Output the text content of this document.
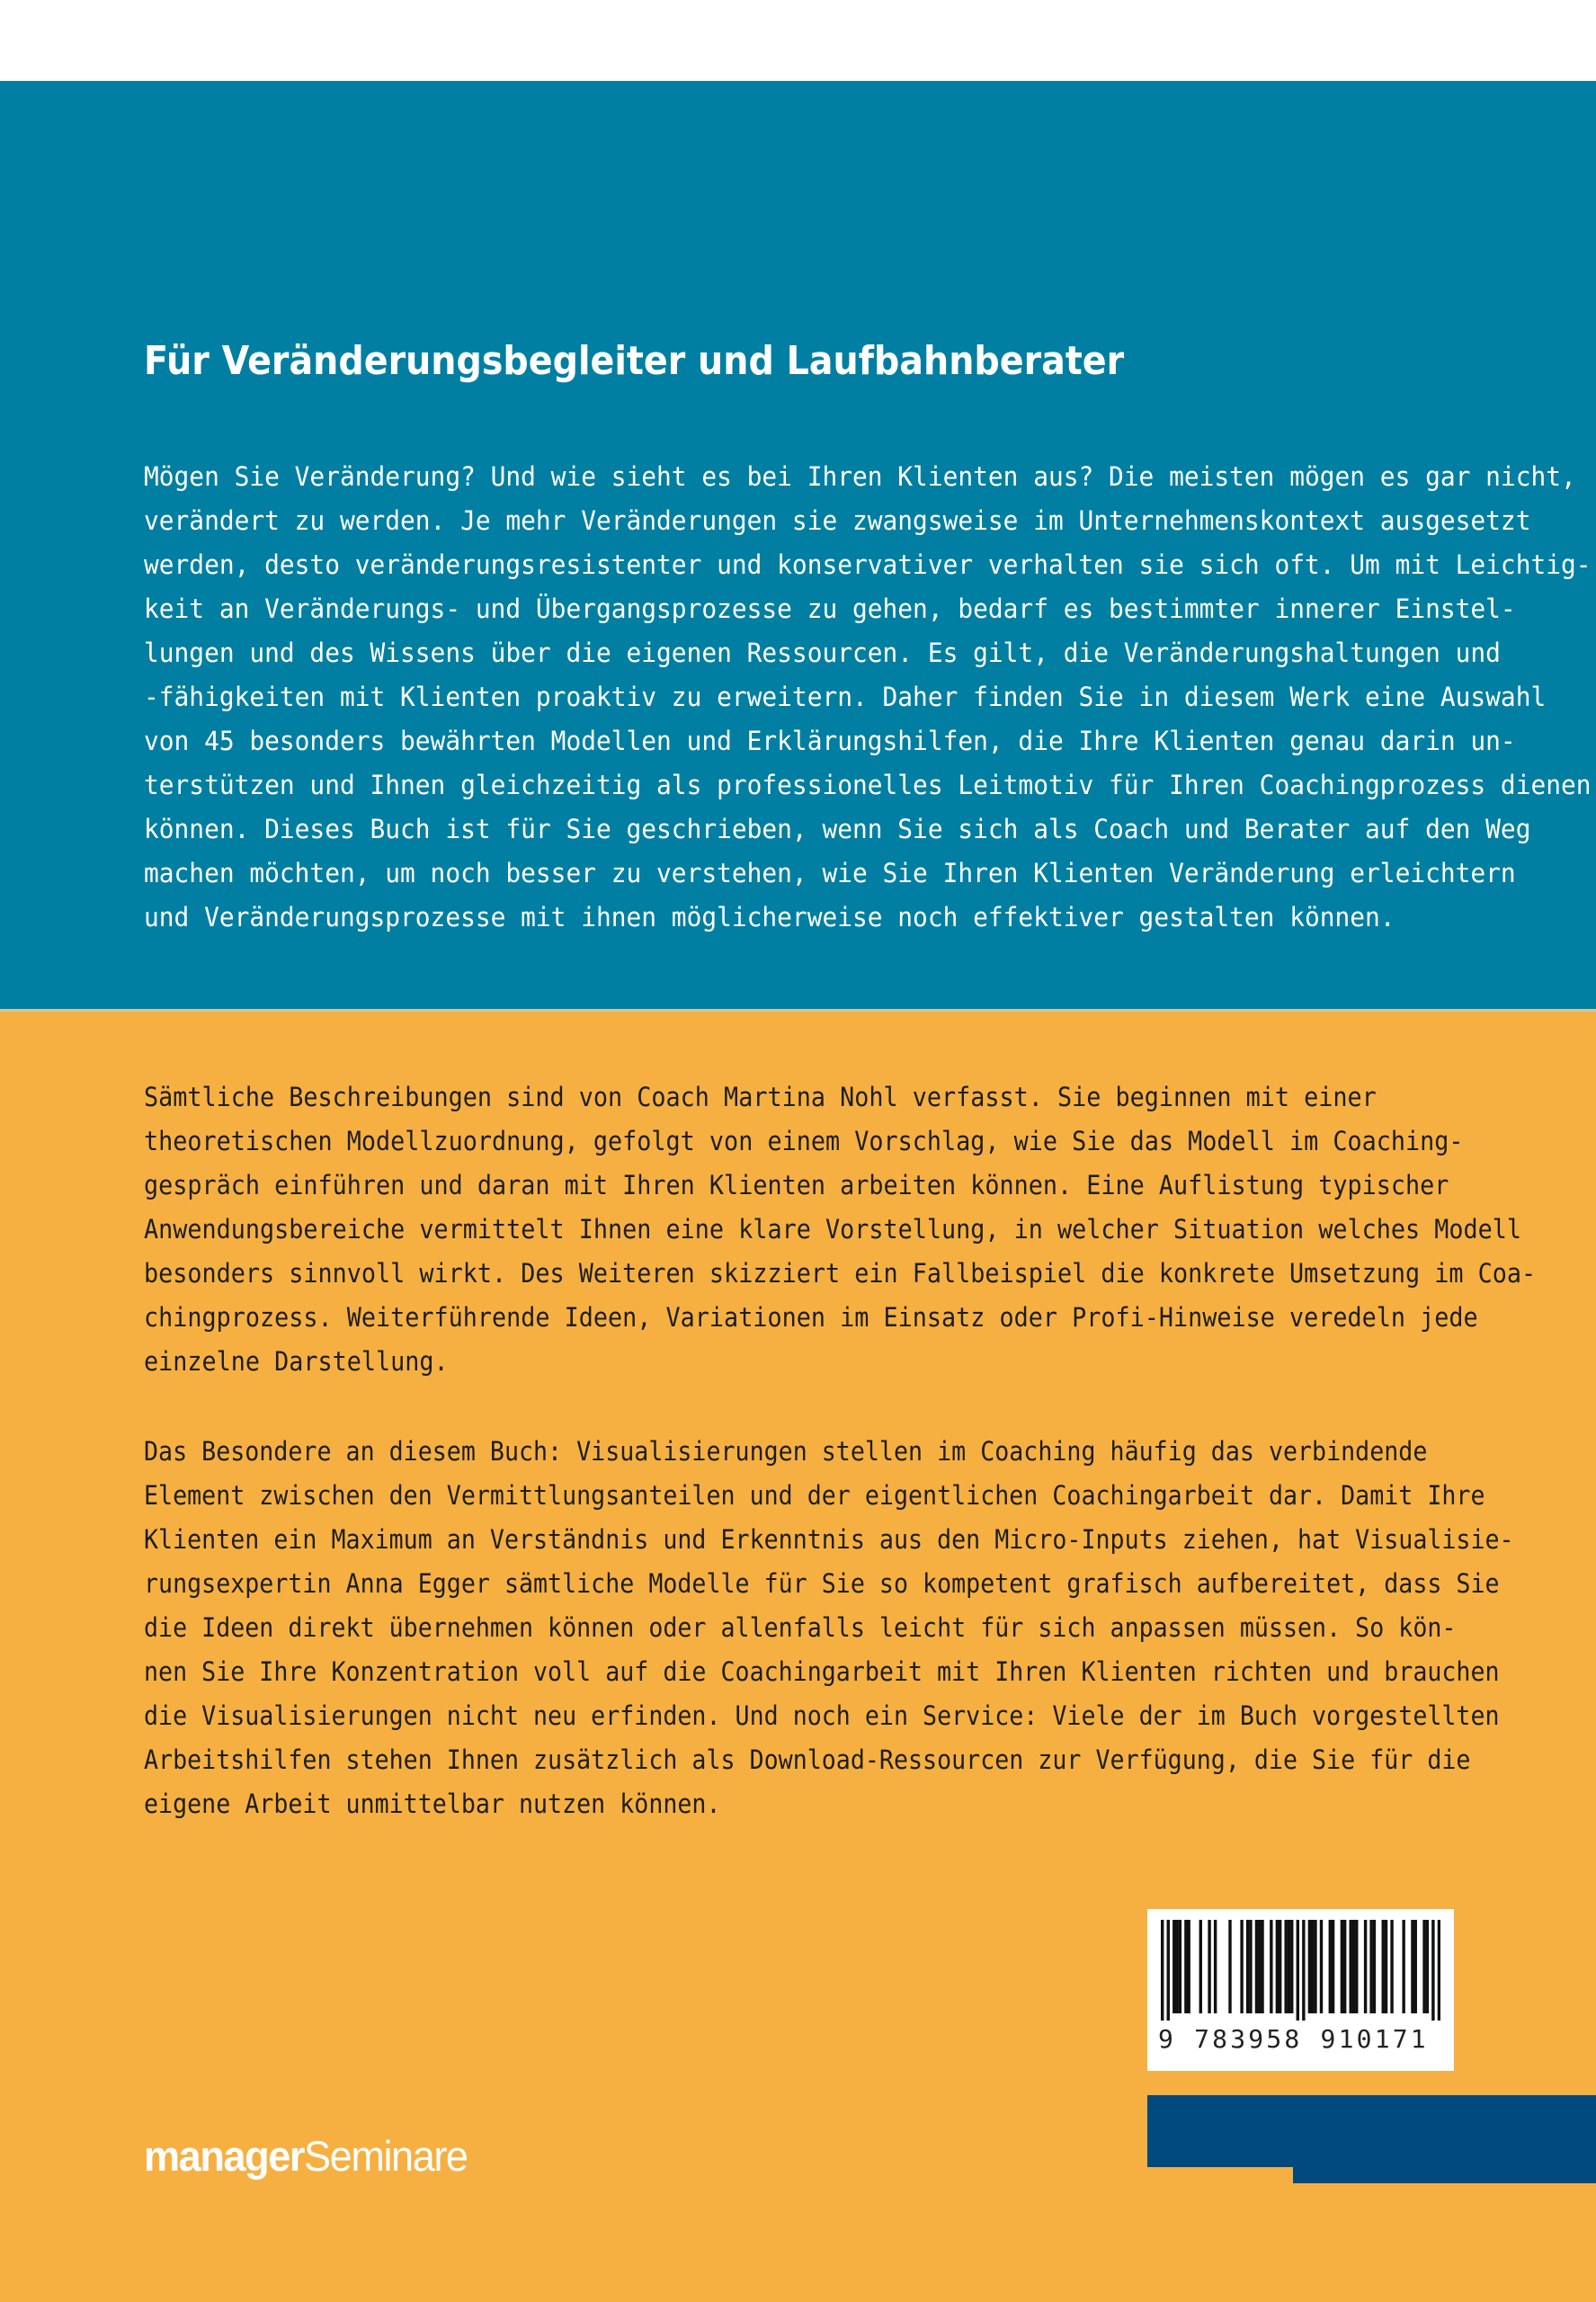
Für Veränderungsbegleiter und Laufbahnberater
Mögen Sie Veränderung? Und wie sieht es bei Ihren Klienten aus? Die meisten mögen es gar nicht,
verändert zu werden. Je mehr Veränderungen sie zwangsweise im Unternehmenskontext ausgesetzt
werden, desto veränderungsresistenter und konservativer verhalten sie sich oft. Um mit Leichtig-
keit an Veränderungs- und Übergangsprozesse zu gehen, bedarf es bestimmter innerer Einstel-
lungen und des Wissens über die eigenen Ressourcen. Es gilt, die Veränderungshaltungen und
-fähigkeiten mit Klienten proaktiv zu erweitern. Daher finden Sie in diesem Werk eine Auswahl
von 45 besonders bewährten Modellen und Erklärungshilfen, die Ihre Klienten genau darin un-
terstützen und Ihnen gleichzeitig als professionelles Leitmotiv für Ihren Coachingprozess dienen
können. Dieses Buch ist für Sie geschrieben, wenn Sie sich als Coach und Berater auf den Weg
machen möchten, um noch besser zu verstehen, wie Sie Ihren Klienten Veränderung erleichtern
und Veränderungsprozesse mit ihnen möglicherweise noch effektiver gestalten können.
Sämtliche Beschreibungen sind von Coach Martina Nohl verfasst. Sie beginnen mit einer
theoretischen Modellzuordnung, gefolgt von einem Vorschlag, wie Sie das Modell im Coaching-
gespräch einführen und daran mit Ihren Klienten arbeiten können. Eine Auflistung typischer
Anwendungsbereiche vermittelt Ihnen eine klare Vorstellung, in welcher Situation welches Modell
besonders sinnvoll wirkt. Des Weiteren skizziert ein Fallbeispiel die konkrete Umsetzung im Coa-
chingprozess. Weiterführende Ideen, Variationen im Einsatz oder Profi-Hinweise veredeln jede
einzelne Darstellung.
Das Besondere an diesem Buch: Visualisierungen stellen im Coaching häufig das verbindende
Element zwischen den Vermittlungsanteilen und der eigentlichen Coachingarbeit dar. Damit Ihre
Klienten ein Maximum an Verständnis und Erkenntnis aus den Micro-Inputs ziehen, hat Visualisie-
rungsexpertin Anna Egger sämtliche Modelle für Sie so kompetent grafisch aufbereitet, dass Sie
die Ideen direkt übernehmen können oder allenfalls leicht für sich anpassen müssen. So kön-
nen Sie Ihre Konzentration voll auf die Coachingarbeit mit Ihren Klienten richten und brauchen
die Visualisierungen nicht neu erfinden. Und noch ein Service: Viele der im Buch vorgestellten
Arbeitshilfen stehen Ihnen zusätzlich als Download-Ressourcen zur Verfügung, die Sie für die
eigene Arbeit unmittelbar nutzen können.
9 783958 910171
managerSeminare
